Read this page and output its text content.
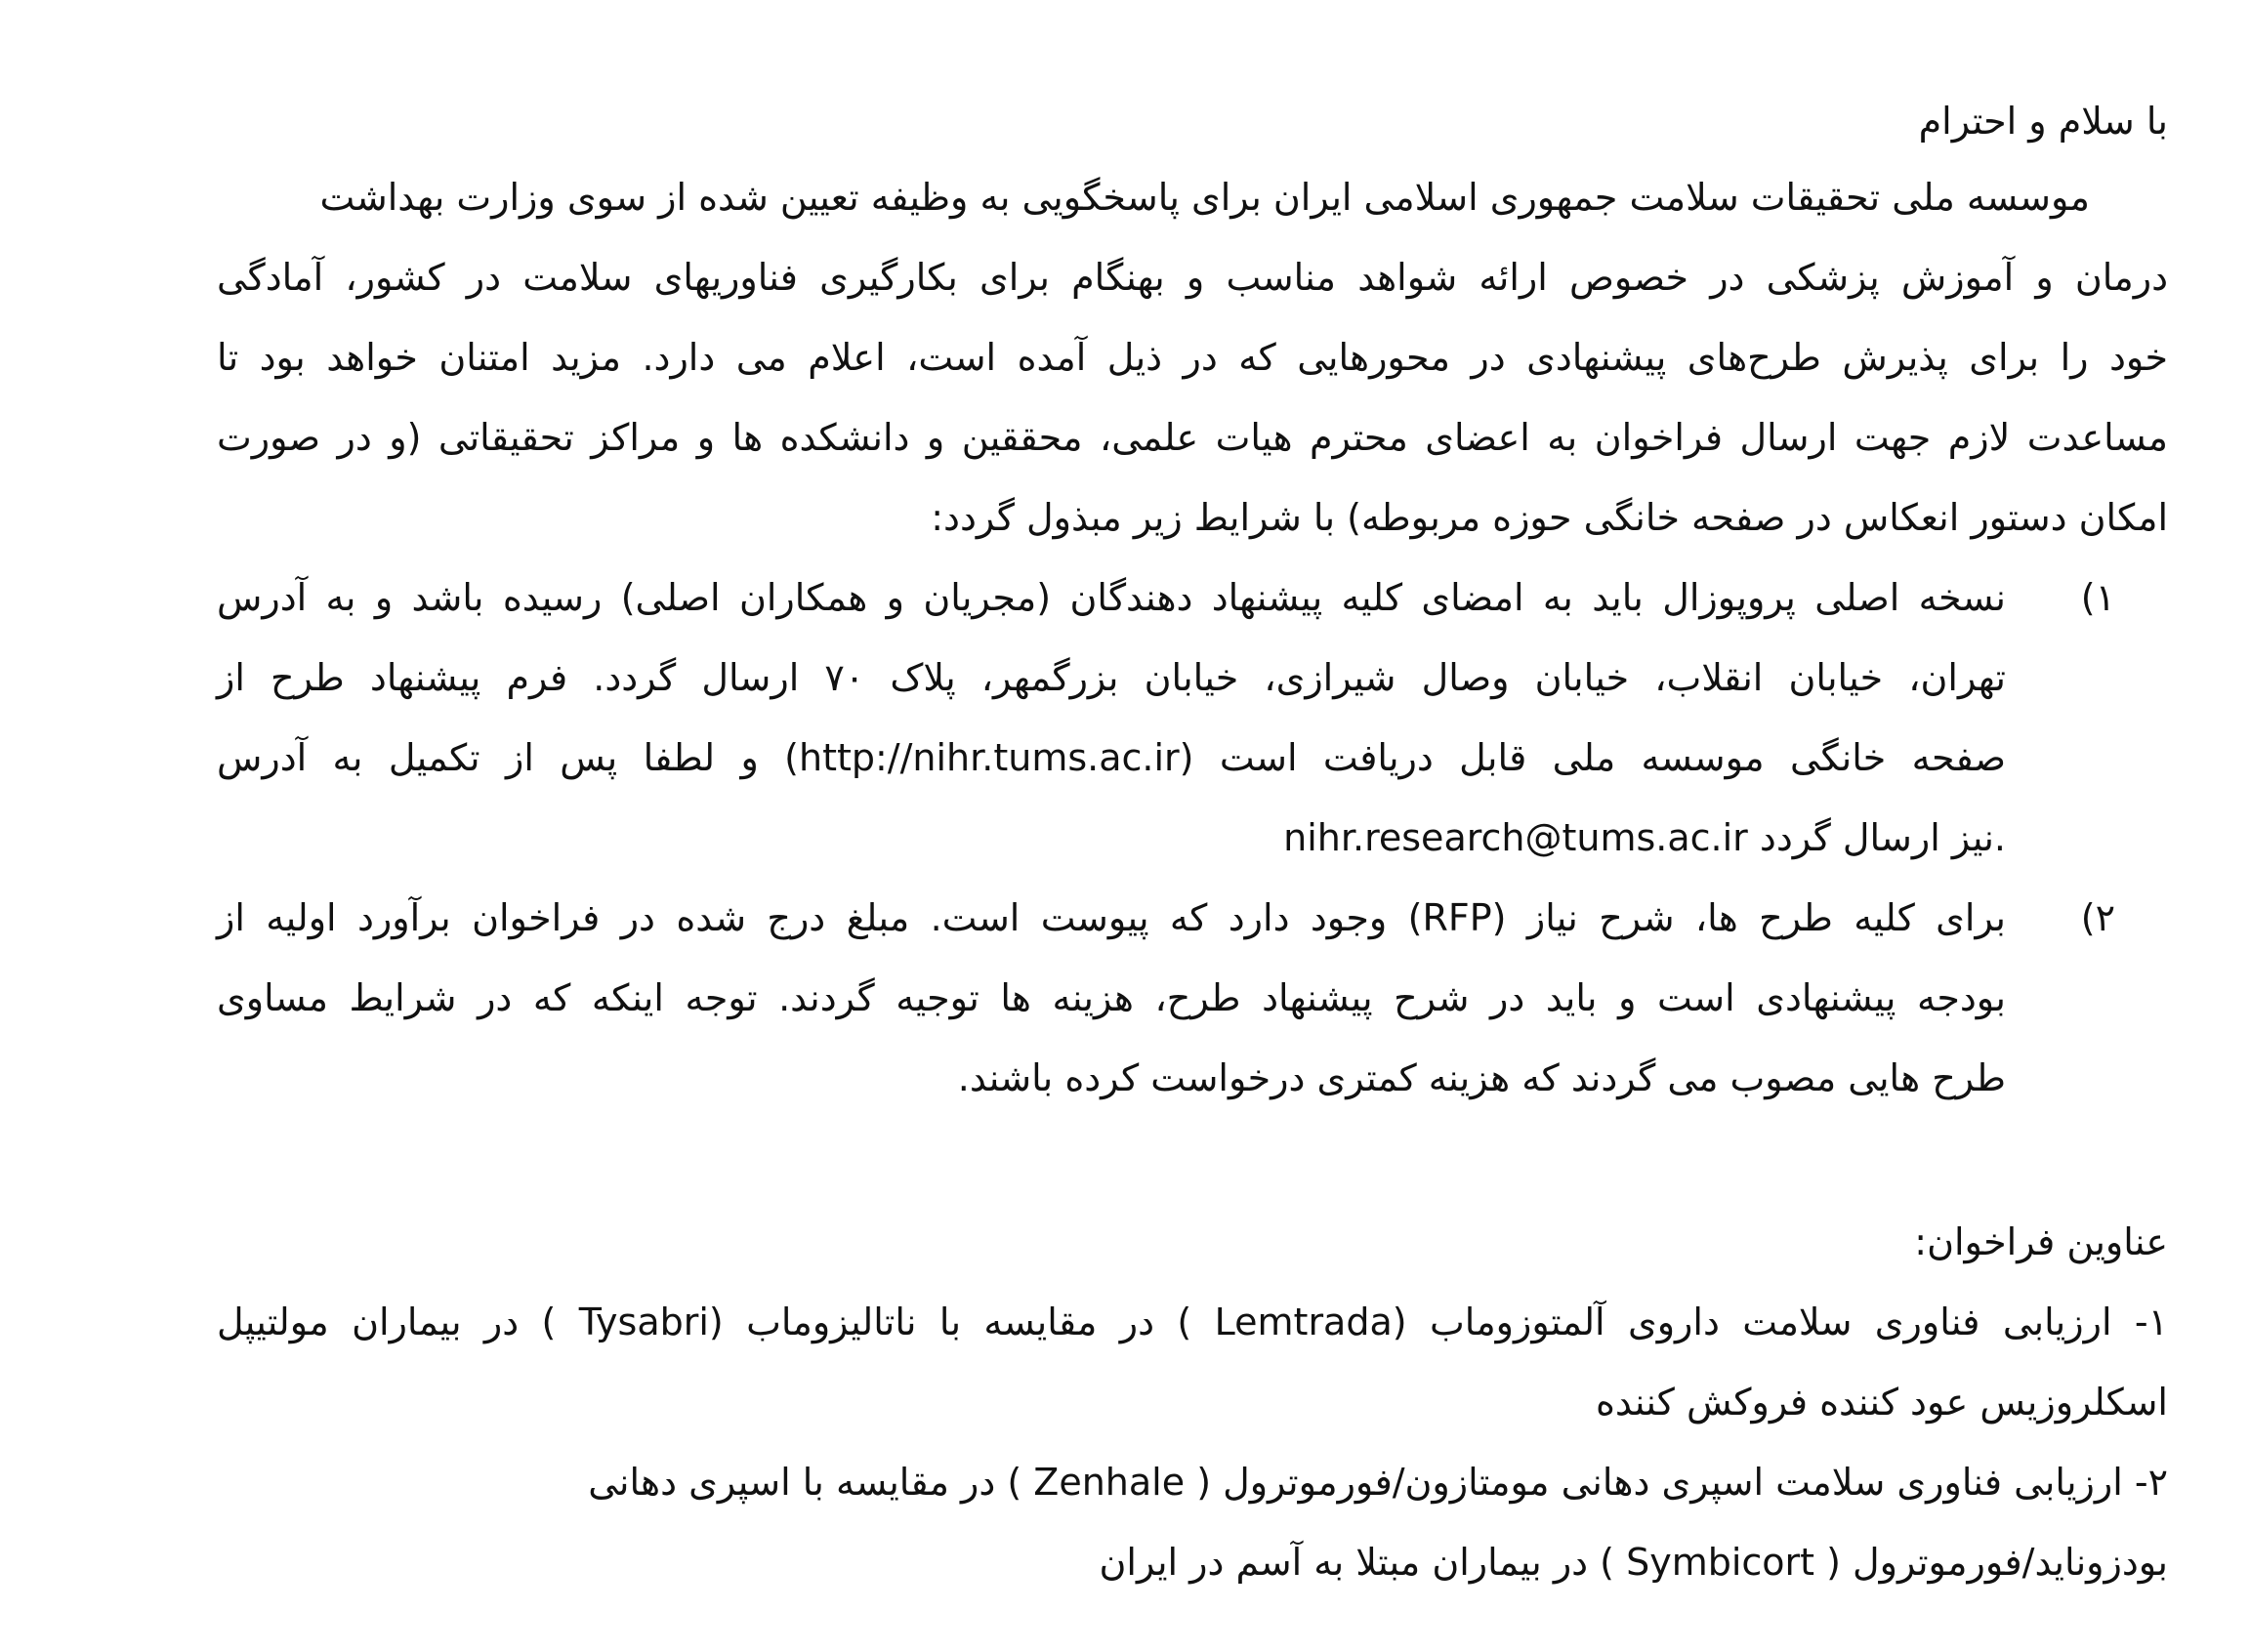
با سلام و احترام
موسسه ملی تحقیقات سلامت جمهوری اسلامی ایران برای پاسخگویی به وظیفه تعیین شده از سوی وزارت بهداشت
درمان و آموزش پزشکی در خصوص ارائه شواهد مناسب و بهنگام برای بکارگیری فناوریهای سلامت در کشور، آمادگی
خود را برای پذیرش طرح‌های پیشنهادی در محورهایی که در ذیل آمده است، اعلام می دارد. مزید امتنان خواهد بود تا
مساعدت لازم جهت ارسال فراخوان به اعضای محترم هیات علمی، محققین و دانشکده ها و مراکز تحقیقاتی (و در صورت
امکان دستور انعکاس در صفحه خانگی حوزه مربوطه) با شرایط زیر مبذول گردد:
۱)
نسخه اصلی پروپوزال باید به امضای کلیه پیشنهاد دهندگان (مجریان و همکاران اصلی) رسیده باشد و به آدرس
تهران، خیابان انقلاب، خیابان وصال شیرازی، خیابان بزرگمهر، پلاک ۷۰ ارسال گردد. فرم پیشنهاد طرح از
صفحه خانگی موسسه ملی قابل دریافت است (http://nihr.tums.ac.ir) و لطفا پس از تکمیل به آدرس
nihr.research@tums.ac.ir نیز ارسال گردد.
۲)
برای کلیه طرح ها، شرح نیاز (RFP) وجود دارد که پیوست است. مبلغ درج شده در فراخوان برآورد اولیه از
بودجه پیشنهادی است و باید در شرح پیشنهاد طرح، هزینه ها توجیه گردند. توجه اینکه که در شرایط مساوی
طرح هایی مصوب می گردند که هزینه کمتری درخواست کرده باشند.
عناوین فراخوان:
۱- ارزیابی فناوری سلامت داروی آلمتوزوماب (Lemtrada ) در مقایسه با ناتالیزوماب (Tysabri ) در بیماران مولتیپل
اسکلروزیس عود کننده فروکش کننده
۲- ارزیابی فناوری سلامت اسپری دهانی مومتازون/فورموترول ( Zenhale ) در مقایسه با اسپری دهانی
بودزوناید/فورموترول ( Symbicort ) در بیماران مبتلا به آسم در ایران
